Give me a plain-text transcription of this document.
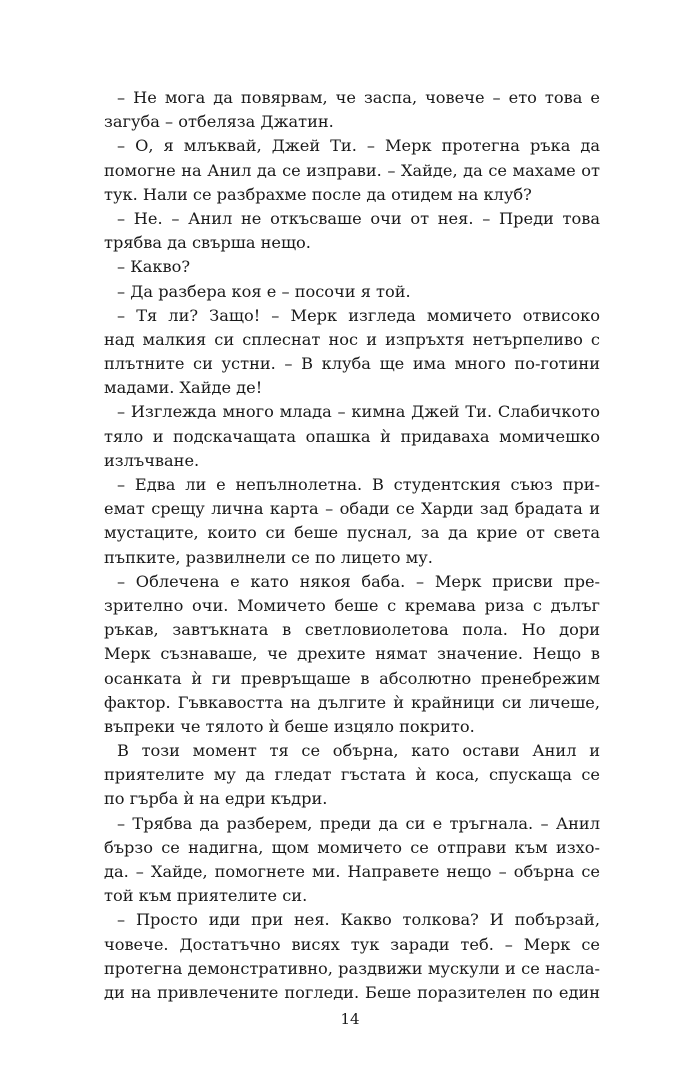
– Не мога да повярвам, че заспа, човече – ето това е
загуба – отбеляза Джатин.
– О, я млъквай, Джей Ти. – Мерк протегна ръка да
помогне на Анил да се изправи. – Хайде, да се махаме от
тук. Нали се разбрахме после да отидем на клуб?
– Не. – Анил не откъсваше очи от нея. – Преди това
трябва да свърша нещо.
– Какво?
– Да разбера коя е – посочи я той.
– Тя ли? Защо! – Мерк изгледа момичето отвисоко
над малкия си сплеснат нос и изпръхтя нетърпеливо с
плътните си устни. – В клуба ще има много по-готини
мадами. Хайде де!
– Изглежда много млада – кимна Джей Ти. Слабичкото
тяло и подскачащата опашка ѝ придаваха момичешко
излъчване.
– Едва ли е непълнолетна. В студентския съюз при-
емат срещу лична карта – обади се Харди зад брадата и
мустаците, които си беше пуснал, за да крие от света
пъпките, развилнели се по лицето му.
– Облечена е като някоя баба. – Мерк присви пре-
зрително очи. Момичето беше с кремава риза с дълъг
ръкав, завтъкната в светловиолетова пола. Но дори
Мерк съзнаваше, че дрехите нямат значение. Нещо в
осанката ѝ ги превръщаше в абсолютно пренебрежим
фактор. Гъвкавостта на дългите ѝ крайници си личеше,
въпреки че тялото ѝ беше изцяло покрито.
В този момент тя се обърна, като остави Анил и
приятелите му да гледат гъстата ѝ коса, спускаща се
по гърба ѝ на едри къдри.
– Трябва да разберем, преди да си е тръгнала. – Анил
бързо се надигна, щом момичето се отправи към изхо-
да. – Хайде, помогнете ми. Направете нещо – обърна се
той към приятелите си.
– Просто иди при нея. Какво толкова? И побързай,
човече. Достатъчно висях тук заради теб. – Мерк се
протегна демонстративно, раздвижи мускули и се насла-
ди на привлечените погледи. Беше поразителен по един
14
